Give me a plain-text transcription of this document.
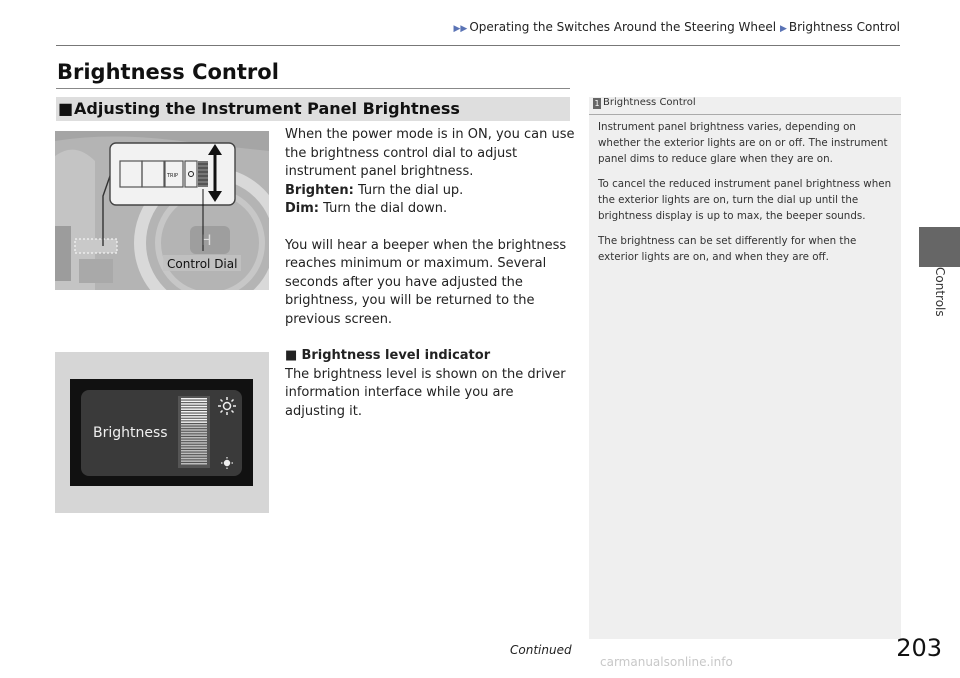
▶▶ Operating the Switches Around the Steering Wheel ▶ Brightness Control
Brightness Control
■ Adjusting the Instrument Panel Brightness
H
TRIP
Control Dial

When the power mode is in ON, you can use the brightness control dial to adjust instrument panel brightness.

Brighten: Turn the dial up.

Dim: Turn the dial down.

You will hear a beeper when the brightness reaches minimum or maximum. Several seconds after you have adjusted the brightness, you will be returned to the previous screen.

■ Brightness level indicator

The brightness level is shown on the driver information interface while you are adjusting it.

Brightness
1 Brightness Control

Instrument panel brightness varies, depending on whether the exterior lights are on or off. The instrument panel dims to reduce glare when they are on.

To cancel the reduced instrument panel brightness when the exterior lights are on, turn the dial up until the brightness display is up to max, the beeper sounds.

The brightness can be set differently for when the exterior lights are on, and when they are off.

Controls
Continued	203
carmanualsonline.info
